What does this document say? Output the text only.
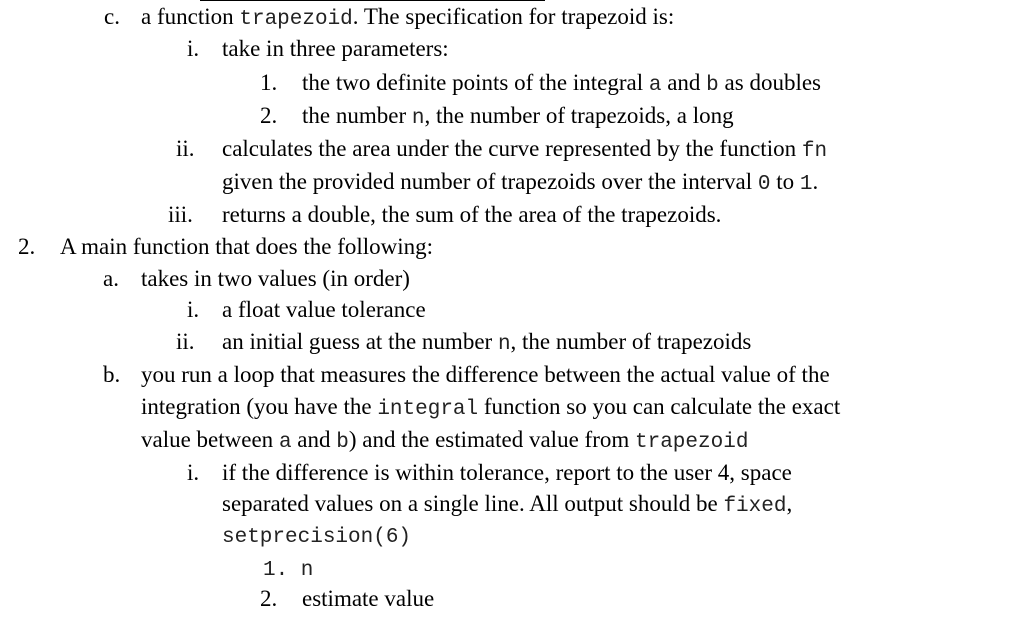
c. a function trapezoid. The specification for trapezoid is:
i. take in three parameters:
1. the two definite points of the integral a and b as doubles
2. the number n, the number of trapezoids, a long
ii. calculates the area under the curve represented by the function fn
given the provided number of trapezoids over the interval 0 to 1.
iii. returns a double, the sum of the area of the trapezoids.
2. A main function that does the following:
a. takes in two values (in order)
i. a float value tolerance
ii. an initial guess at the number n, the number of trapezoids
b. you run a loop that measures the difference between the actual value of the
integration (you have the integral function so you can calculate the exact
value between a and b) and the estimated value from trapezoid
i. if the difference is within tolerance, report to the user 4, space
separated values on a single line. All output should be fixed,
setprecision(6)
1. n
2. estimate value
